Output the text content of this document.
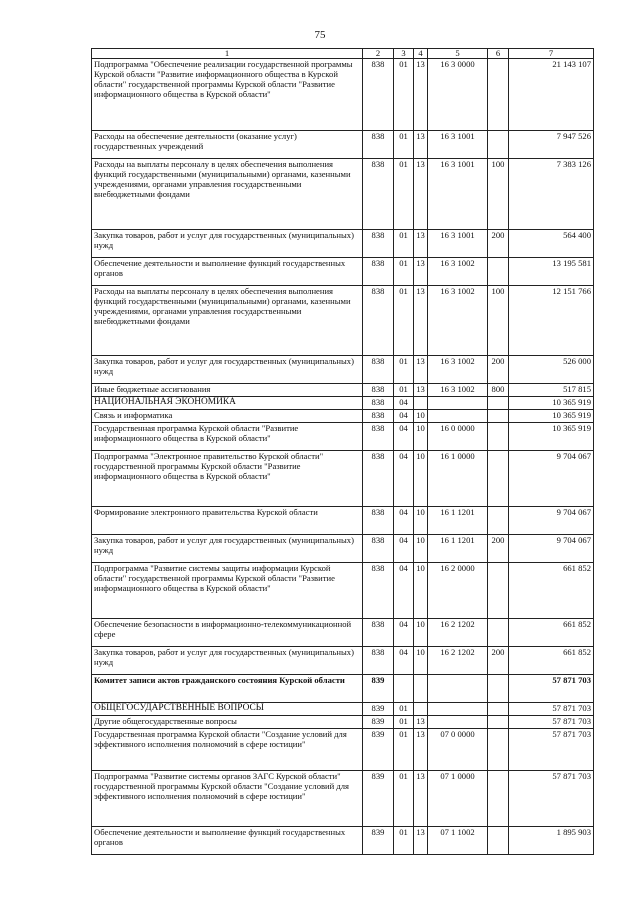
75
1	2	3	4	5	6	7
Подпрограмма "Обеспечение реализации государственной программы Курской области "Развитие информационного общества в Курской области" государственной программы Курской области "Развитие информационного общества в Курской области"	838	01	13	16 3 0000		21 143 107
Расходы на обеспечение деятельности (оказание услуг) государственных учреждений	838	01	13	16 3 1001		7 947 526
Расходы на выплаты персоналу в целях обеспечения выполнения функций государственными (муниципальными) органами, казенными учреждениями, органами управления государственными внебюджетными фондами	838	01	13	16 3 1001	100	7 383 126
Закупка товаров, работ и услуг для государственных (муниципальных) нужд	838	01	13	16 3 1001	200	564 400
Обеспечение деятельности и выполнение функций государственных органов	838	01	13	16 3 1002		13 195 581
Расходы на выплаты персоналу в целях обеспечения выполнения функций государственными (муниципальными) органами, казенными учреждениями, органами управления государственными внебюджетными фондами	838	01	13	16 3 1002	100	12 151 766
Закупка товаров, работ и услуг для государственных (муниципальных) нужд	838	01	13	16 3 1002	200	526 000
Иные бюджетные ассигнования	838	01	13	16 3 1002	800	517 815
НАЦИОНАЛЬНАЯ ЭКОНОМИКА	838	04				10 365 919
Связь и информатика	838	04	10			10 365 919
Государственная программа Курской области "Развитие информационного общества в Курской области"	838	04	10	16 0 0000		10 365 919
Подпрограмма "Электронное правительство Курской области" государственной программы Курской области "Развитие информационного общества в Курской области"	838	04	10	16 1 0000		9 704 067
Формирование электронного правительства Курской области	838	04	10	16 1 1201		9 704 067
Закупка товаров, работ и услуг для государственных (муниципальных) нужд	838	04	10	16 1 1201	200	9 704 067
Подпрограмма "Развитие системы защиты информации Курской области" государственной программы Курской области "Развитие информационного общества в Курской области"	838	04	10	16 2 0000		661 852
Обеспечение безопасности в информационно-телекоммуникационной сфере	838	04	10	16 2 1202		661 852
Закупка товаров, работ и услуг для государственных (муниципальных) нужд	838	04	10	16 2 1202	200	661 852
Комитет записи актов гражданского состояния Курской области	839					57 871 703
ОБЩЕГОСУДАРСТВЕННЫЕ ВОПРОСЫ	839	01				57 871 703
Другие общегосударственные вопросы	839	01	13			57 871 703
Государственная программа Курской области "Создание условий для эффективного исполнения полномочий в сфере юстиции"	839	01	13	07 0 0000		57 871 703
Подпрограмма "Развитие системы органов ЗАГС Курской области" государственной программы Курской области "Создание условий для эффективного исполнения полномочий в сфере юстиции"	839	01	13	07 1 0000		57 871 703
Обеспечение деятельности и выполнение функций государственных органов	839	01	13	07 1 1002		1 895 903
